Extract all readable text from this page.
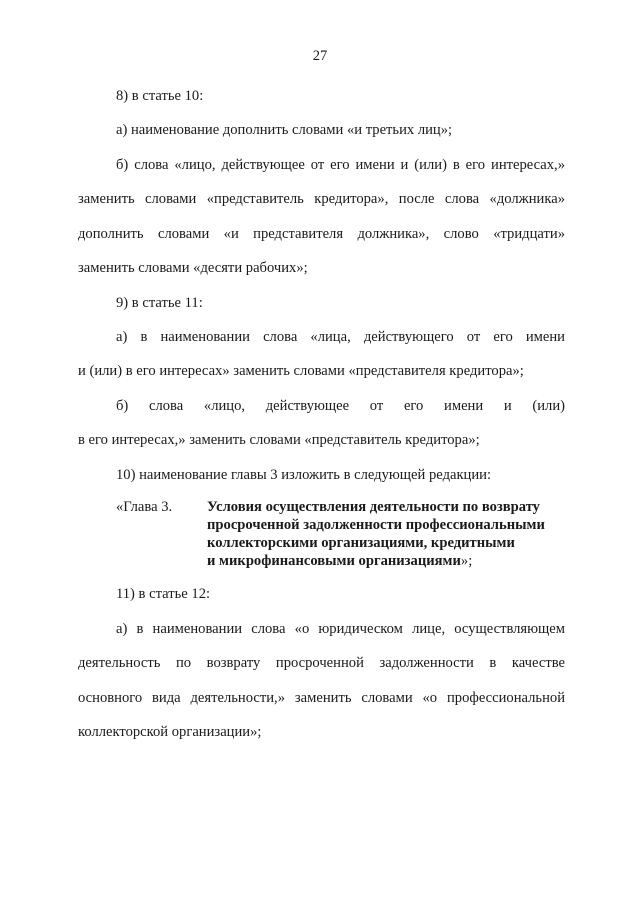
27
8) в статье 10:
а) наименование дополнить словами «и третьих лиц»;
б) слова «лицо, действующее от его имени и (или) в его интересах,»
заменить словами «представитель кредитора», после слова «должника»
дополнить словами «и представителя должника», слово «тридцати»
заменить словами «десяти рабочих»;
9) в статье 11:
а) в наименовании слова «лица, действующего от его имени
и (или) в его интересах» заменить словами «представителя кредитора»;
б) слова «лицо, действующее от его имени и (или)
в его интересах,» заменить словами «представитель кредитора»;
10) наименование главы 3 изложить в следующей редакции:
«Глава 3.	Условия осуществления деятельности по возврату
просроченной задолженности профессиональными
коллекторскими организациями, кредитными
и микрофинансовыми организациями»;
11) в статье 12:
а) в наименовании слова «о юридическом лице, осуществляющем
деятельность по возврату просроченной задолженности в качестве
основного вида деятельности,» заменить словами «о профессиональной
коллекторской организации»;
